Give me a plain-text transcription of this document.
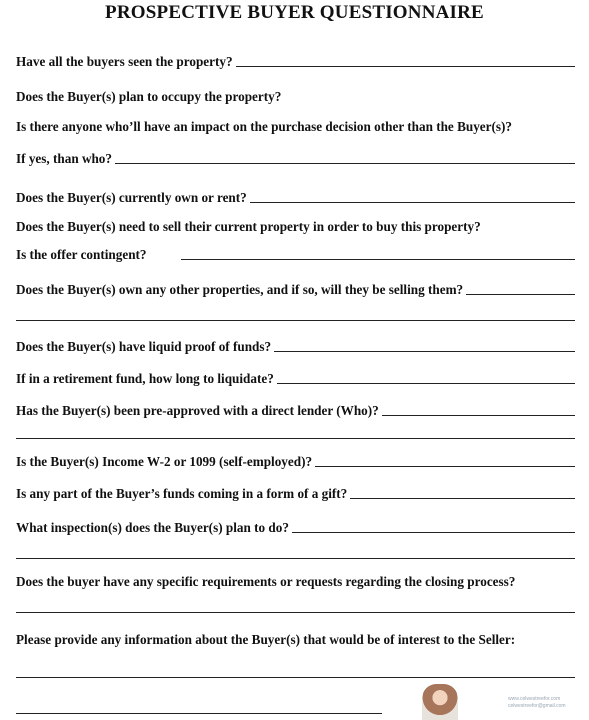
PROSPECTIVE BUYER QUESTIONNAIRE
Have all the buyers seen the property?
Does the Buyer(s) plan to occupy the property?
Is there anyone who’ll have an impact on the purchase decision other than the Buyer(s)?
If yes, than who?
Does the Buyer(s) currently own or rent?
Does the Buyer(s) need to sell their current property in order to buy this property?
Is the offer contingent?
Does the Buyer(s) own any other properties, and if so, will they be selling them?
Does the Buyer(s) have liquid proof of funds?
If in a retirement fund, how long to liquidate?
Has the Buyer(s) been pre-approved with a direct lender (Who)?
Is the Buyer(s) Income W-2 or 1099 (self-employed)?
Is any part of the Buyer’s funds coming in a form of a gift?
What inspection(s) does the Buyer(s) plan to do?
Does the buyer have any specific requirements or requests regarding the closing process?
Please provide any information about the Buyer(s) that would be of interest to the Seller:
www.celwestreefor.com
celwestreefor@gmail.com
